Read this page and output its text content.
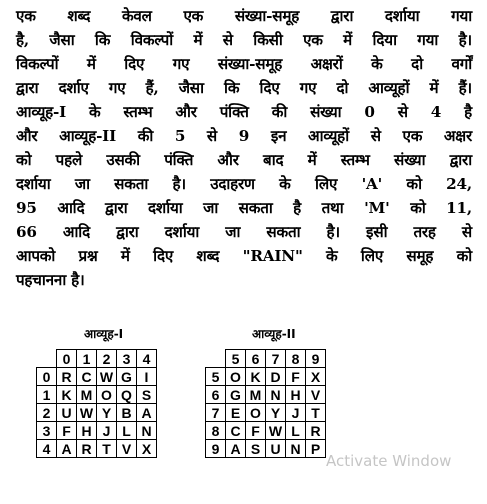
एक शब्द केवल एक संख्या-समूह द्वारा दर्शाया गया
है, जैसा कि विकल्पों में से किसी एक में दिया गया है।
विकल्पों में दिए गए संख्या-समूह अक्षरों के दो वर्गों
द्वारा दर्शाए गए हैं, जैसा कि दिए गए दो आव्यूहों में हैं।
आव्यूह-I के स्तम्भ और पंक्ति की संख्या 0 से 4 है
और आव्यूह-II की 5 से 9 इन आव्यूहों से एक अक्षर
को पहले उसकी पंक्ति और बाद में स्तम्भ संख्या द्वारा
दर्शाया जा सकता है। उदाहरण के लिए 'A' को 24,
95 आदि द्वारा दर्शाया जा सकता है तथा 'M' को 11,
66 आदि द्वारा दर्शाया जा सकता है। इसी तरह से
आपको प्रश्न में दिए शब्द "RAIN" के लिए समूह को
पहचानना है।
आव्यूह-I	आव्यूह-II
	0	1	2	3	4
0	R	C	W	G	I
1	K	M	O	Q	S
2	U	W	Y	B	A
3	F	H	J	L	N
4	A	R	T	V	X
	5	6	7	8	9
5	O	K	D	F	X
6	G	M	N	H	V
7	E	O	Y	J	T
8	C	F	W	L	R
9	A	S	U	N	P
Activate Window
